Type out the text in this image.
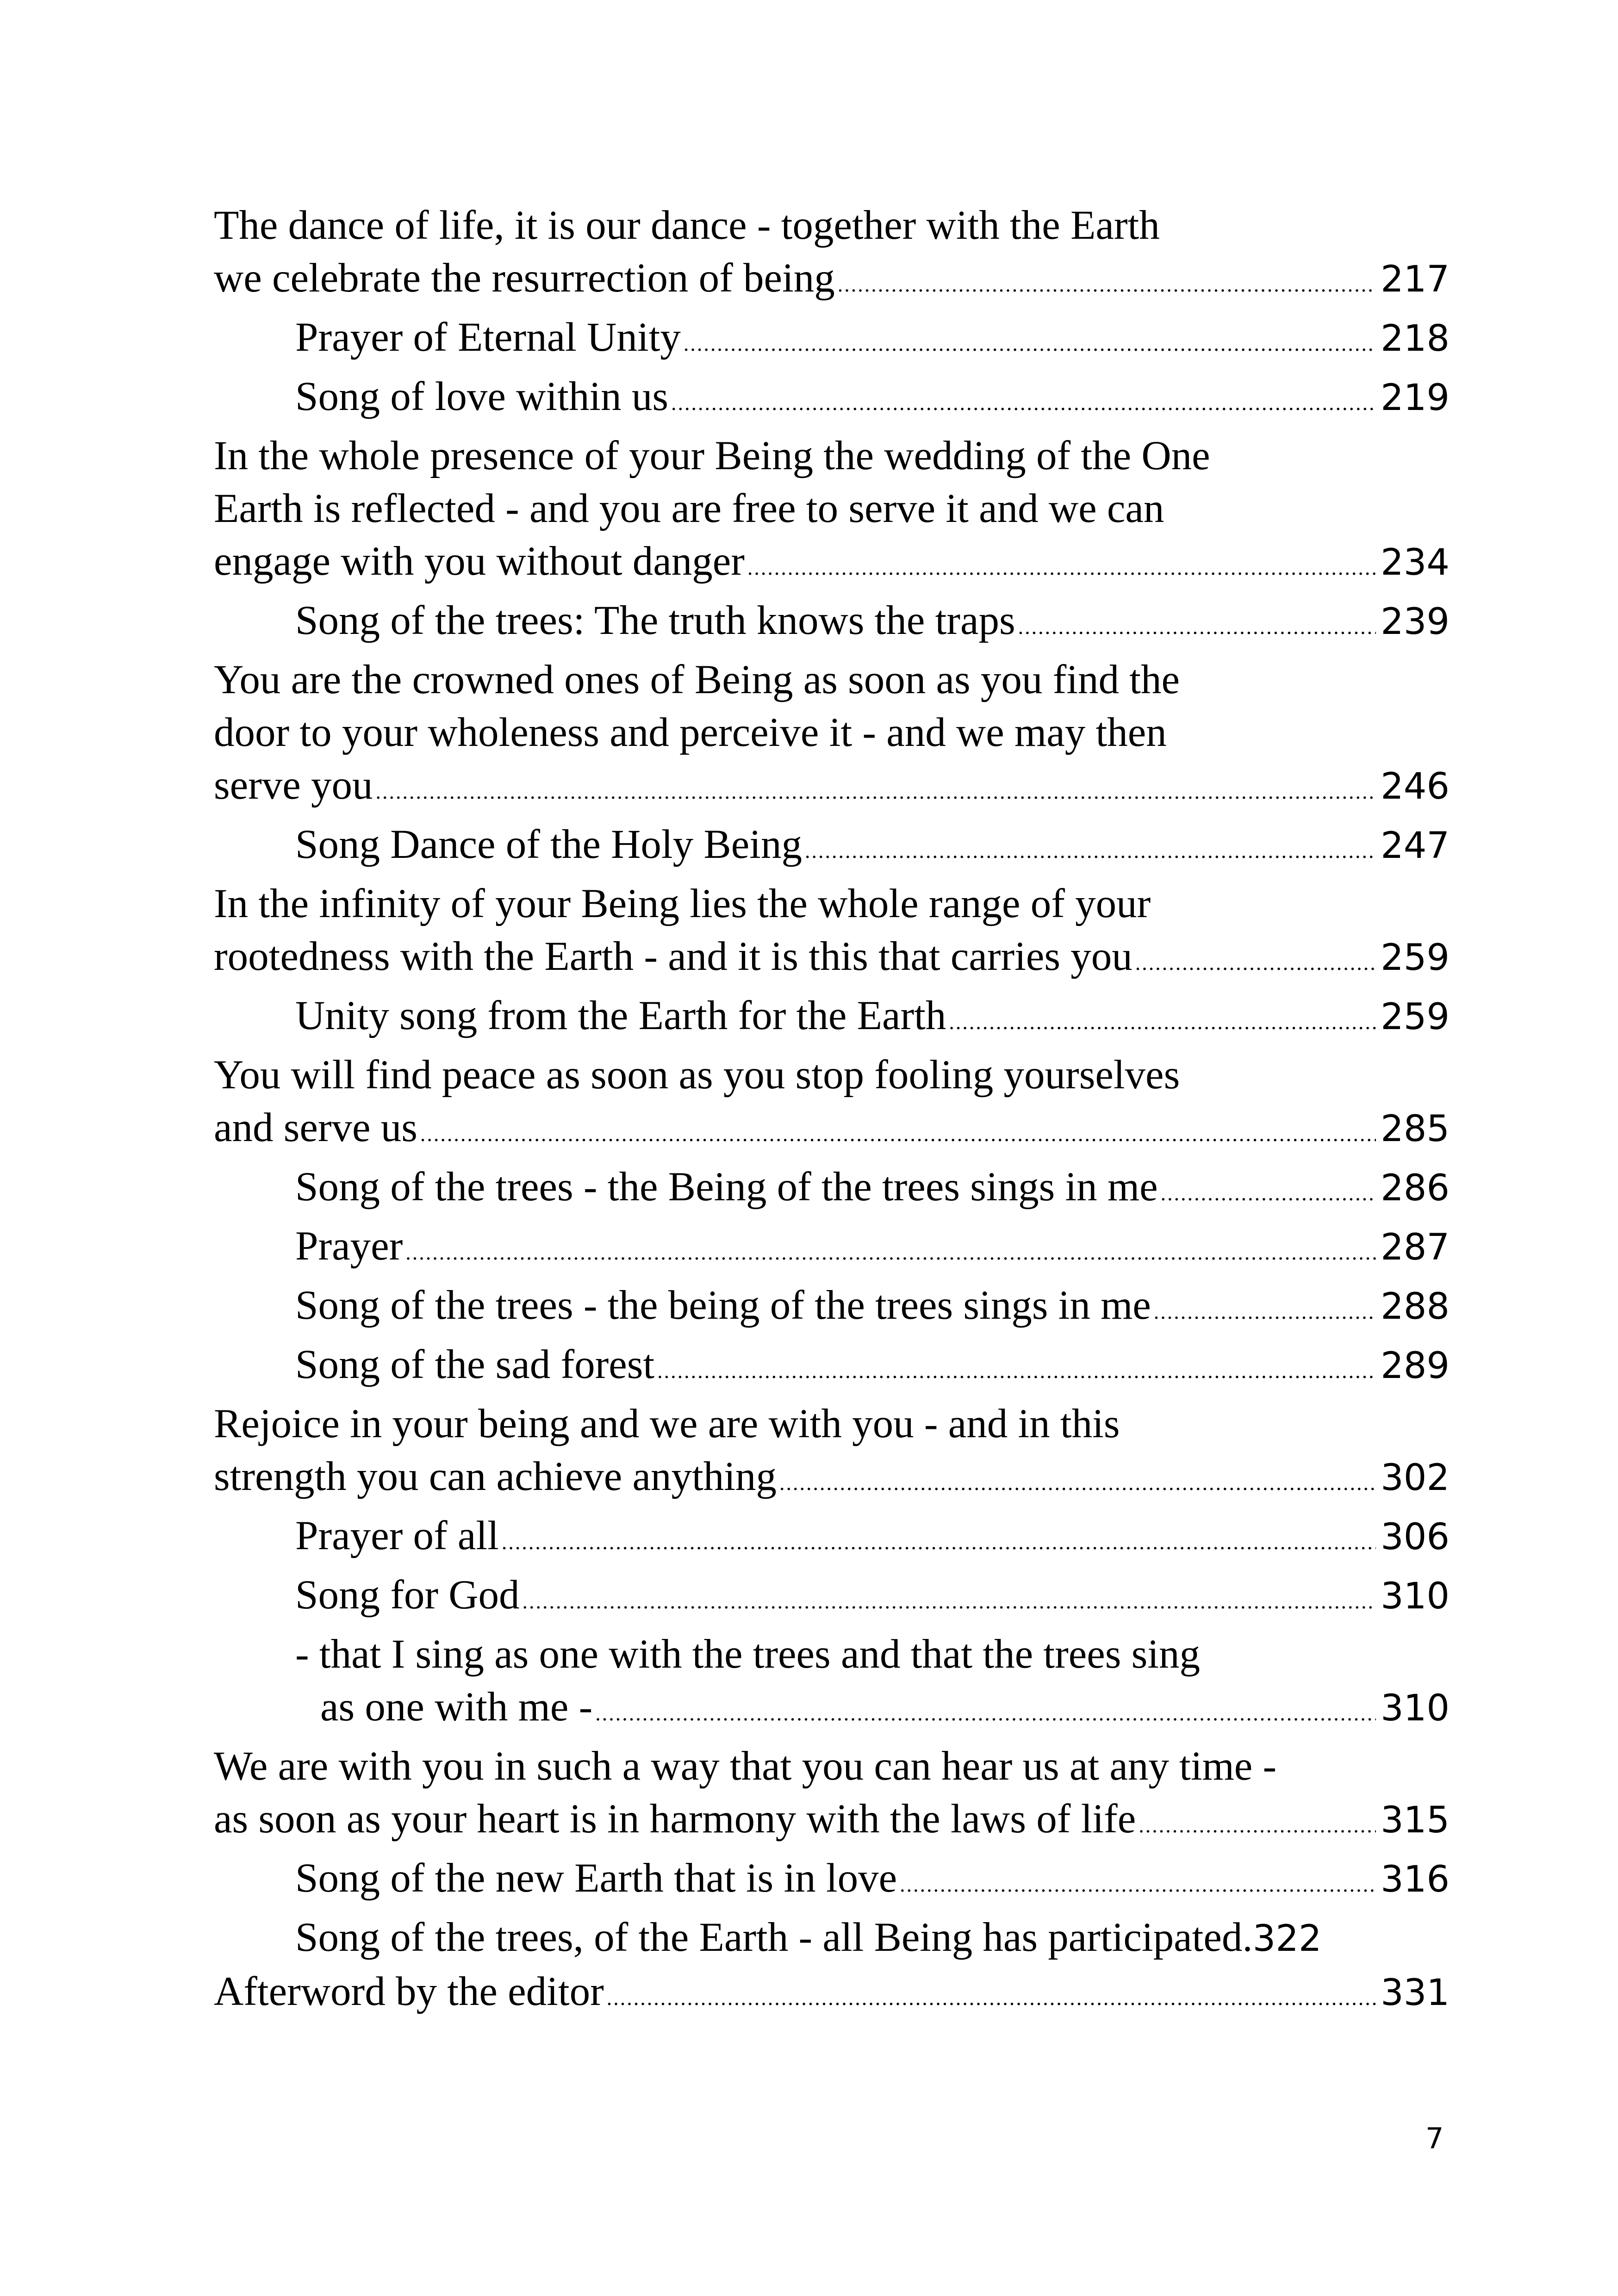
The dance of life, it is our dance - together with the Earth
we celebrate the resurrection of being .....	217
Prayer of Eternal Unity .....	218
Song of love within us .....	219
In the whole presence of your Being the wedding of the One
Earth is reflected - and you are free to serve it and we can
engage with you without danger .....	234
Song of the trees: The truth knows the traps .....	239
You are the crowned ones of Being as soon as you find the
door to your wholeness and perceive it - and we may then
serve you .....	246
Song Dance of the Holy Being .....	247
In the infinity of your Being lies the whole range of your
rootedness with the Earth - and it is this that carries you .....	259
Unity song from the Earth for the Earth .....	259
You will find peace as soon as you stop fooling yourselves
and serve us .....	285
Song of the trees - the Being of the trees sings in me .....	286
Prayer .....	287
Song of the trees - the being of the trees sings in me .....	288
Song of the sad forest .....	289
Rejoice in your being and we are with you - and in this
strength you can achieve anything .....	302
Prayer of all .....	306
Song for God .....	310
- that I sing as one with the trees and that the trees sing
as one with me - .....	310
We are with you in such a way that you can hear us at any time -
as soon as your heart is in harmony with the laws of life .....	315
Song of the new Earth that is in love .....	316
Song of the trees, of the Earth - all Being has participated. 322
Afterword by the editor .....	331
7
